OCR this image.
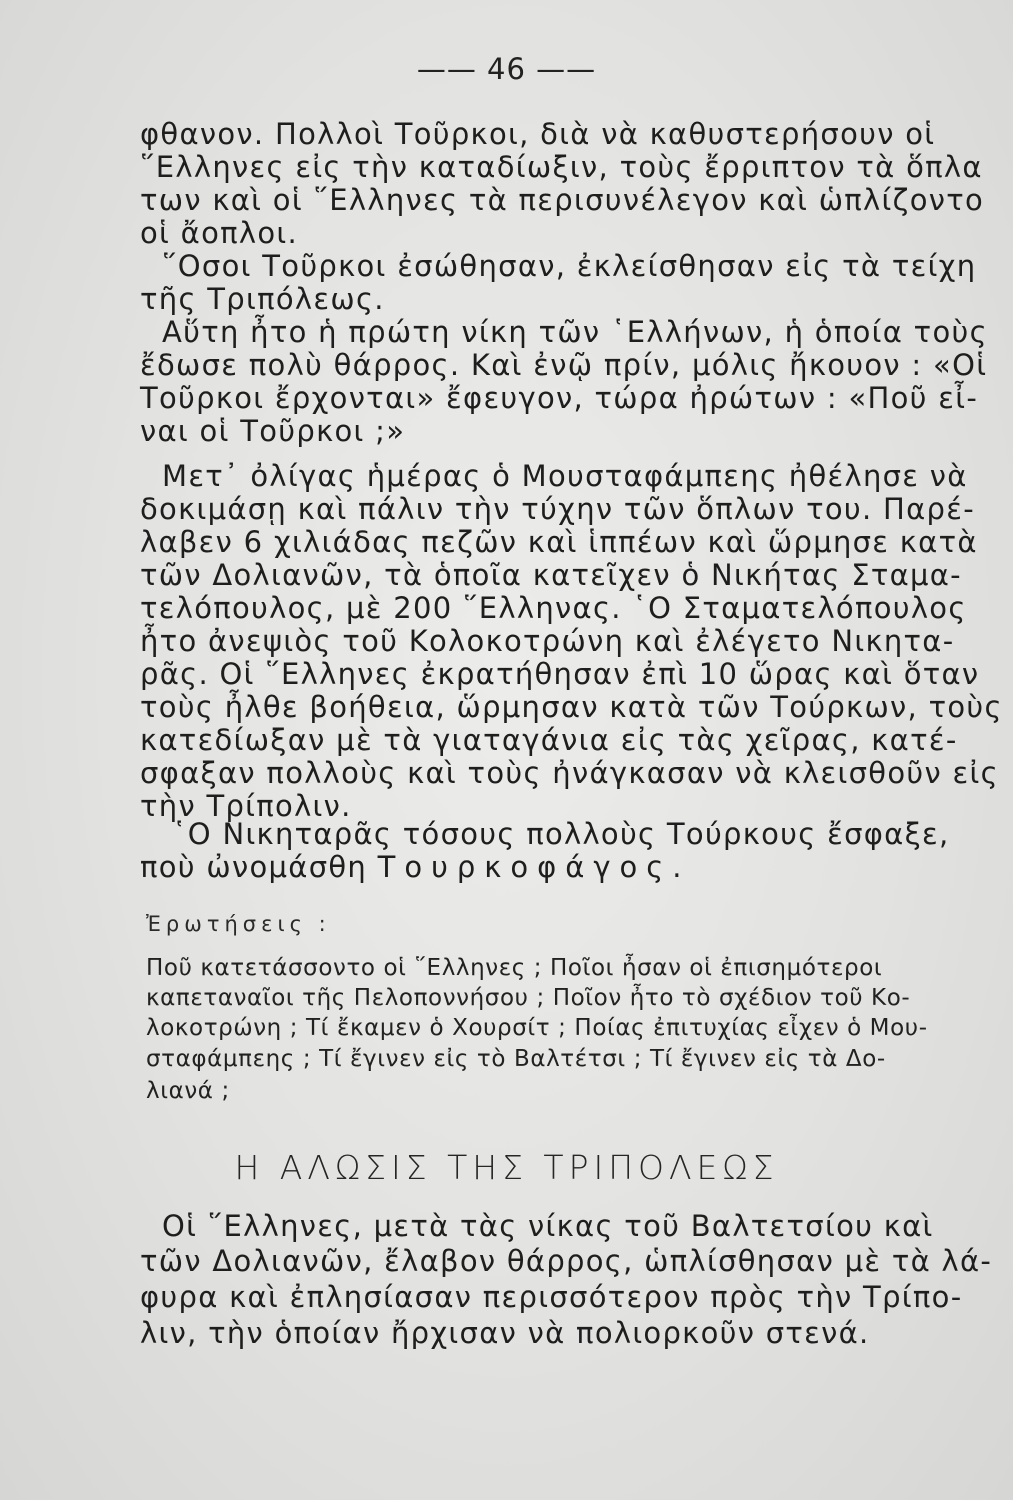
—— 46 ——
φθανον. Πολλοὶ Τοῦρκοι, διὰ νὰ καθυστερήσουν οἱ
῞Ελληνες εἰς τὴν καταδίωξιν, τοὺς ἔρριπτον τὰ ὅπλα
των καὶ οἱ ῞Ελληνες τὰ περισυνέλεγον καὶ ὡπλίζοντο
οἱ ἄοπλοι.
῞Οσοι Τοῦρκοι ἐσώθησαν, ἐκλείσθησαν εἰς τὰ τείχη
τῆς Τριπόλεως.
Αὕτη ἦτο ἡ πρώτη νίκη τῶν ῾Ελλήνων, ἡ ὁποία τοὺς
ἔδωσε πολὺ θάρρος. Καὶ ἐνῷ πρίν, μόλις ἤκουον : «Οἱ
Τοῦρκοι ἔρχονται» ἔφευγον, τώρα ἠρώτων : «Ποῦ εἶ-
ναι οἱ Τοῦρκοι ;»
Μετ᾽ ὀλίγας ἡμέρας ὁ Μουσταφάμπεης ἠθέλησε νὰ
δοκιμάσῃ καὶ πάλιν τὴν τύχην τῶν ὅπλων του. Παρέ-
λαβεν 6 χιλιάδας πεζῶν καὶ ἱππέων καὶ ὥρμησε κατὰ
τῶν Δολιανῶν, τὰ ὁποῖα κατεῖχεν ὁ Νικήτας Σταμα-
τελόπουλος, μὲ 200 ῞Ελληνας. ῾Ο Σταματελόπουλος
ἦτο ἀνεψιὸς τοῦ Κολοκοτρώνη καὶ ἐλέγετο Νικητα-
ρᾶς. Οἱ ῞Ελληνες ἐκρατήθησαν ἐπὶ 10 ὥρας καὶ ὅταν
τοὺς ἦλθε βοήθεια, ὥρμησαν κατὰ τῶν Τούρκων, τοὺς
κατεδίωξαν μὲ τὰ γιαταγάνια εἰς τὰς χεῖρας, κατέ-
σφαξαν πολλοὺς καὶ τοὺς ἠνάγκασαν νὰ κλεισθοῦν εἰς
τὴν Τρίπολιν.
῾Ο Νικηταρᾶς τόσους πολλοὺς Τούρκους ἔσφαξε,
ποὺ ὠνομάσθη Τουρκοφάγος.
Ἐρωτήσεις :
Ποῦ κατετάσσοντο οἱ ῞Ελληνες ; Ποῖοι ἦσαν οἱ ἐπισημότεροι
καπεταναῖοι τῆς Πελοποννήσου ; Ποῖον ἦτο τὸ σχέδιον τοῦ Κο-
λοκοτρώνη ; Τί ἔκαμεν ὁ Χουρσίτ ; Ποίας ἐπιτυχίας εἶχεν ὁ Μου-
σταφάμπεης ; Τί ἔγινεν εἰς τὸ Βαλτέτσι ; Τί ἔγινεν εἰς τὰ Δο-
λιανά ;
Η ΑΛΩΣΙΣ ΤΗΣ ΤΡΙΠΟΛΕΩΣ
Οἱ ῞Ελληνες, μετὰ τὰς νίκας τοῦ Βαλτετσίου καὶ
τῶν Δολιανῶν, ἔλαβον θάρρος, ὡπλίσθησαν μὲ τὰ λά-
φυρα καὶ ἐπλησίασαν περισσότερον πρὸς τὴν Τρίπο-
λιν, τὴν ὁποίαν ἤρχισαν νὰ πολιορκοῦν στενά.
